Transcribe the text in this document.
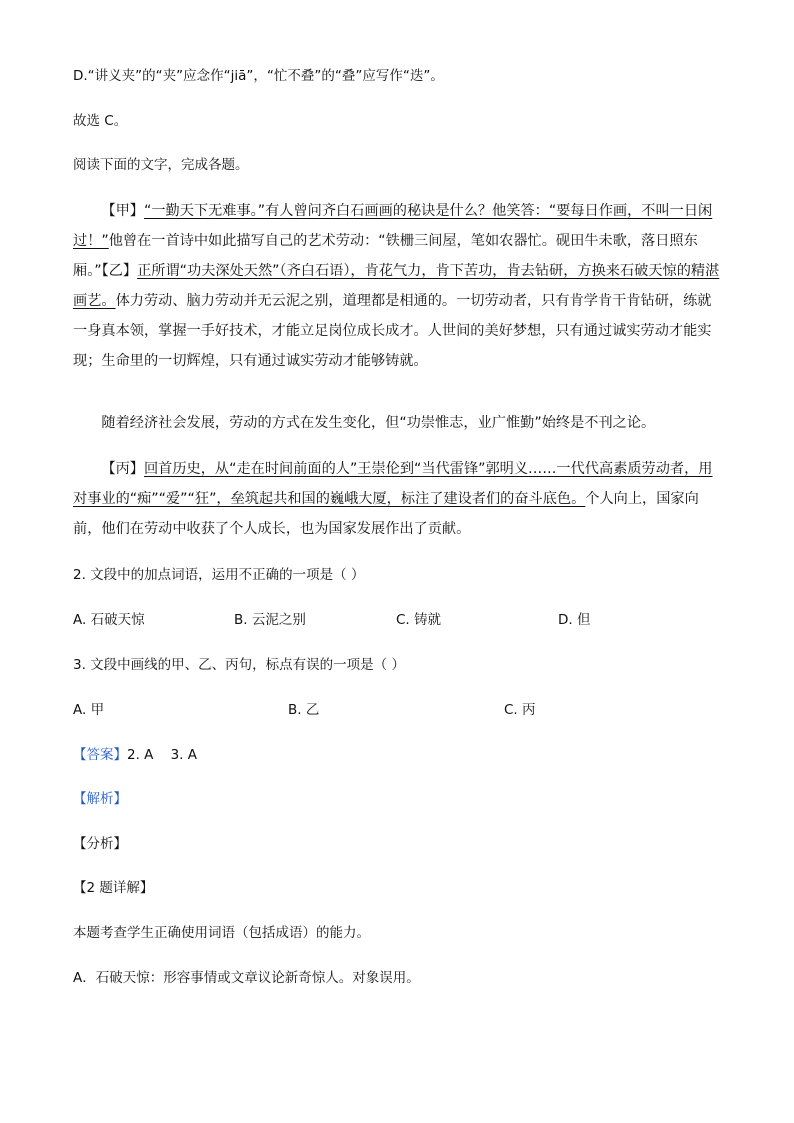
D.“讲义夹”的“夹”应念作“jiā”，“忙不叠”的“叠”应写作“迭”。
故选 C。
阅读下面的文字，完成各题。

【甲】“一勤天下无难事。”有人曾问齐白石画画的秘诀是什么？他笑答：“要每日作画，不叫一日闲过！”他曾在一首诗中如此描写自己的艺术劳动：“铁栅三间屋，笔如农器忙。砚田牛未歌，落日照东厢。”【乙】正所谓“功夫深处天然”（齐白石语），肯花气力，肯下苦功，肯去钻研，方换来石破天惊的精湛画艺。体力劳动、脑力劳动并无云泥之别，道理都是相通的。一切劳动者，只有肯学肯干肯钻研，练就一身真本领，掌握一手好技术，才能立足岗位成长成才。人世间的美好梦想，只有通过诚实劳动才能实现；生命里的一切辉煌，只有通过诚实劳动才能够铸就。

随着经济社会发展，劳动的方式在发生变化，但“功崇惟志，业广惟勤”始终是不刊之论。

【丙】回首历史，从“走在时间前面的人”王崇伦到“当代雷锋”郭明义……一代代高素质劳动者，用对事业的“痴”“爱”“狂”，垒筑起共和国的巍峨大厦，标注了建设者们的奋斗底色。个人向上，国家向前，他们在劳动中收获了个人成长，也为国家发展作出了贡献。

2. 文段中的加点词语，运用不正确的一项是（ ）
A. 石破天惊	B. 云泥之别	C. 铸就	D. 但
3. 文段中画线的甲、乙、丙句，标点有误的一项是（ ）
A. 甲	B. 乙	C. 丙
【答案】2. A    3. A
【解析】
【分析】
【2 题详解】
本题考查学生正确使用词语（包括成语）的能力。
A．石破天惊：形容事情或文章议论新奇惊人。对象误用。
